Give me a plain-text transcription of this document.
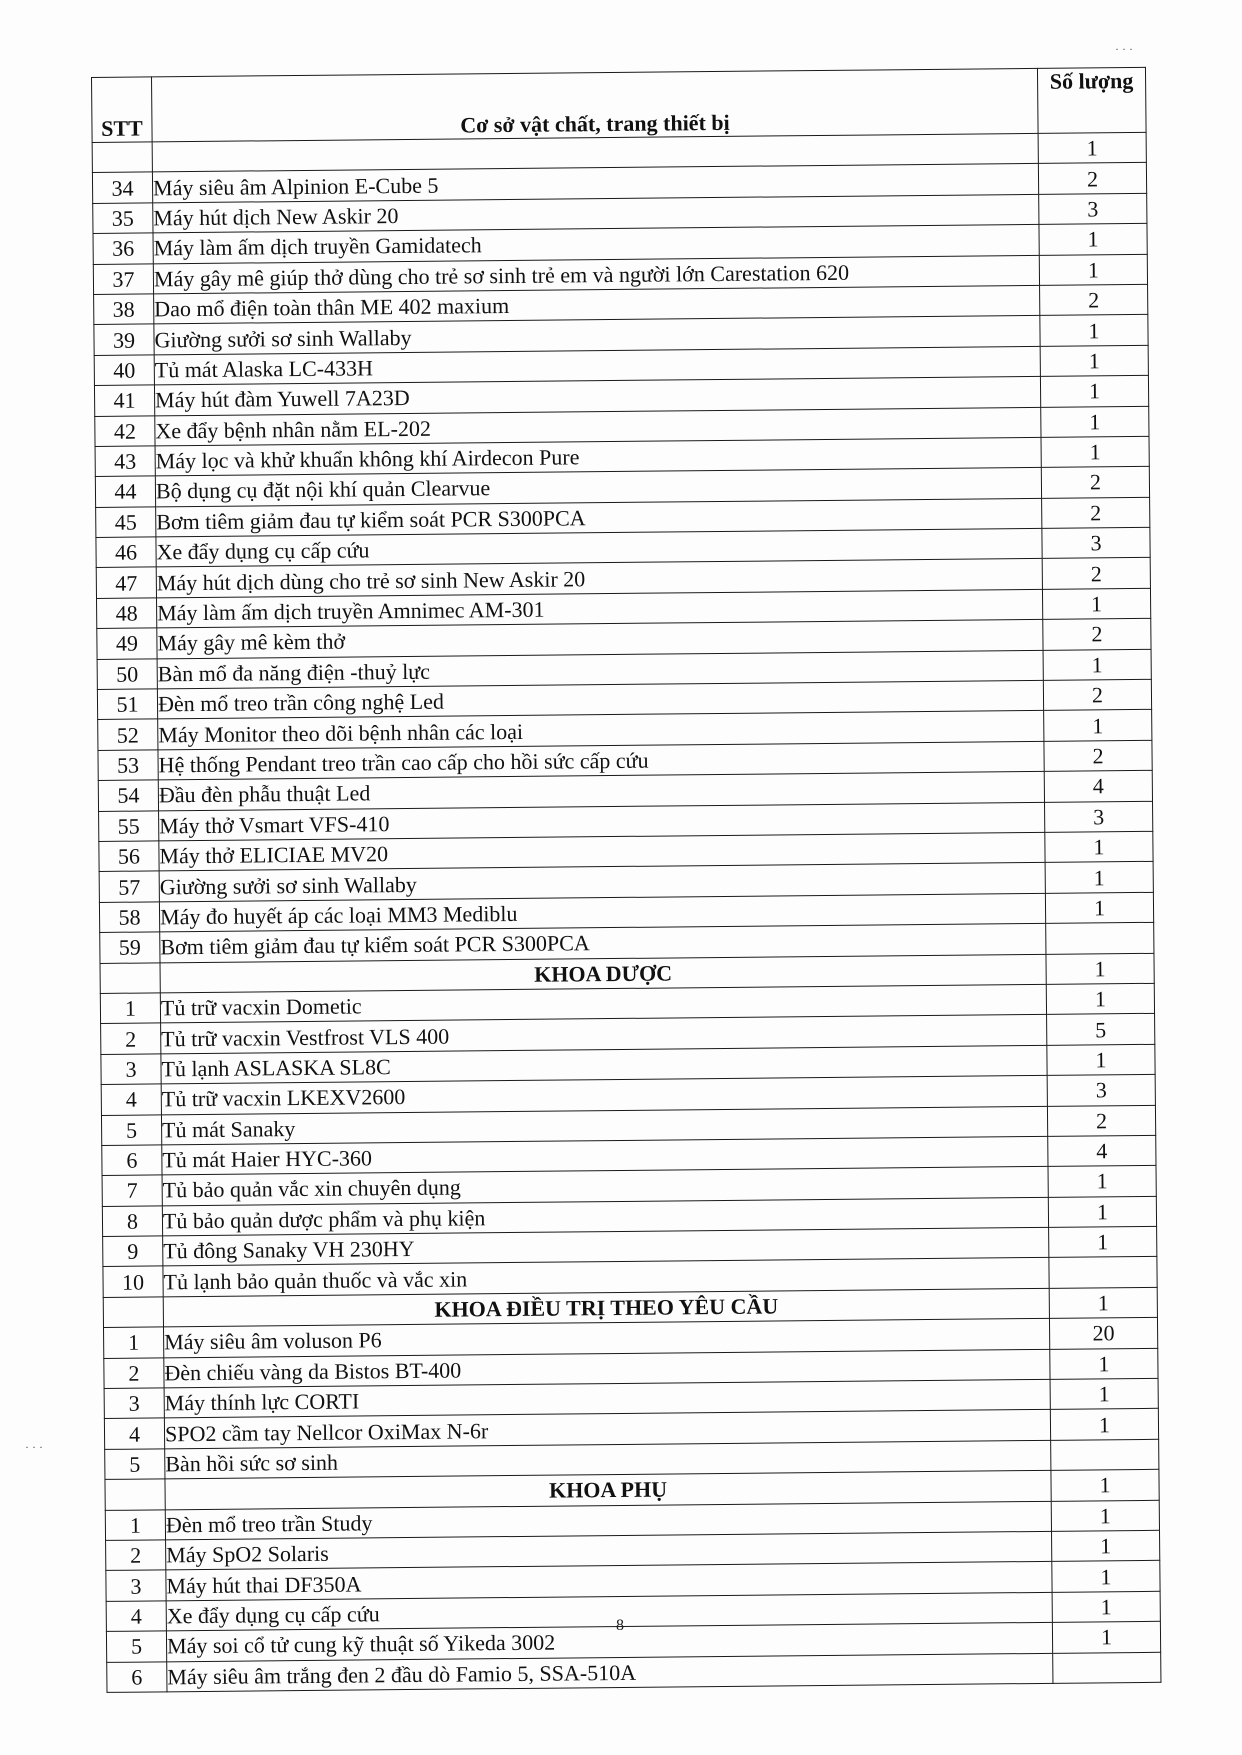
· · ·
· · ·
STT	Cơ sở vật chất, trang thiết bị	Số lượng
		1
34	Máy siêu âm Alpinion E-Cube 5	2
35	Máy hút dịch New Askir 20	3
36	Máy làm ấm dịch truyền Gamidatech	1
37	Máy gây mê giúp thở dùng cho trẻ sơ sinh trẻ em và người lớn Carestation 620	1
38	Dao mổ điện toàn thân ME 402 maxium	2
39	Giường sưởi sơ sinh Wallaby	1
40	Tủ mát Alaska LC-433H	1
41	Máy hút đàm Yuwell 7A23D	1
42	Xe đẩy bệnh nhân nằm EL-202	1
43	Máy lọc và khử khuẩn không khí Airdecon Pure	1
44	Bộ dụng cụ đặt nội khí quản Clearvue	2
45	Bơm tiêm giảm đau tự kiểm soát PCR S300PCA	2
46	Xe đẩy dụng cụ cấp cứu	3
47	Máy hút dịch dùng cho trẻ sơ sinh New Askir 20	2
48	Máy làm ấm dịch truyền Amnimec AM-301	1
49	Máy gây mê kèm thở	2
50	Bàn mổ đa năng điện -thuỷ lực	1
51	Đèn mổ treo trần công nghệ Led	2
52	Máy Monitor theo dõi bệnh nhân các loại	1
53	Hệ thống Pendant treo trần cao cấp cho hồi sức cấp cứu	2
54	Đầu đèn phẫu thuật Led	4
55	Máy thở Vsmart VFS-410	3
56	Máy thở ELICIAE MV20	1
57	Giường sưởi sơ sinh Wallaby	1
58	Máy đo huyết áp các loại MM3 Mediblu	1
59	Bơm tiêm giảm đau tự kiểm soát PCR S300PCA	
	KHOA DƯỢC	1
1	Tủ trữ vacxin Dometic	1
2	Tủ trữ vacxin Vestfrost VLS 400	5
3	Tủ lạnh ASLASKA SL8C	1
4	Tủ trữ vacxin LKEXV2600	3
5	Tủ mát Sanaky	2
6	Tủ mát Haier HYC-360	4
7	Tủ bảo quản vắc xin chuyên dụng	1
8	Tủ bảo quản dược phẩm và phụ kiện	1
9	Tủ đông Sanaky VH 230HY	1
10	Tủ lạnh bảo quản thuốc và vắc xin	
	KHOA ĐIỀU TRỊ THEO YÊU CẦU	1
1	Máy siêu âm voluson P6	20
2	Đèn chiếu vàng da Bistos BT-400	1
3	Máy thính lực CORTI	1
4	SPO2 cầm tay Nellcor OxiMax N-6r	1
5	Bàn hồi sức sơ sinh	
	KHOA PHỤ	1
1	Đèn mổ treo trần Study	1
2	Máy SpO2 Solaris	1
3	Máy hút thai DF350A	1
4	Xe đẩy dụng cụ cấp cứu	1
5	Máy soi cổ tử cung kỹ thuật số Yikeda 3002	1
6	Máy siêu âm trắng đen 2 đầu dò Famio 5, SSA-510A	
8
